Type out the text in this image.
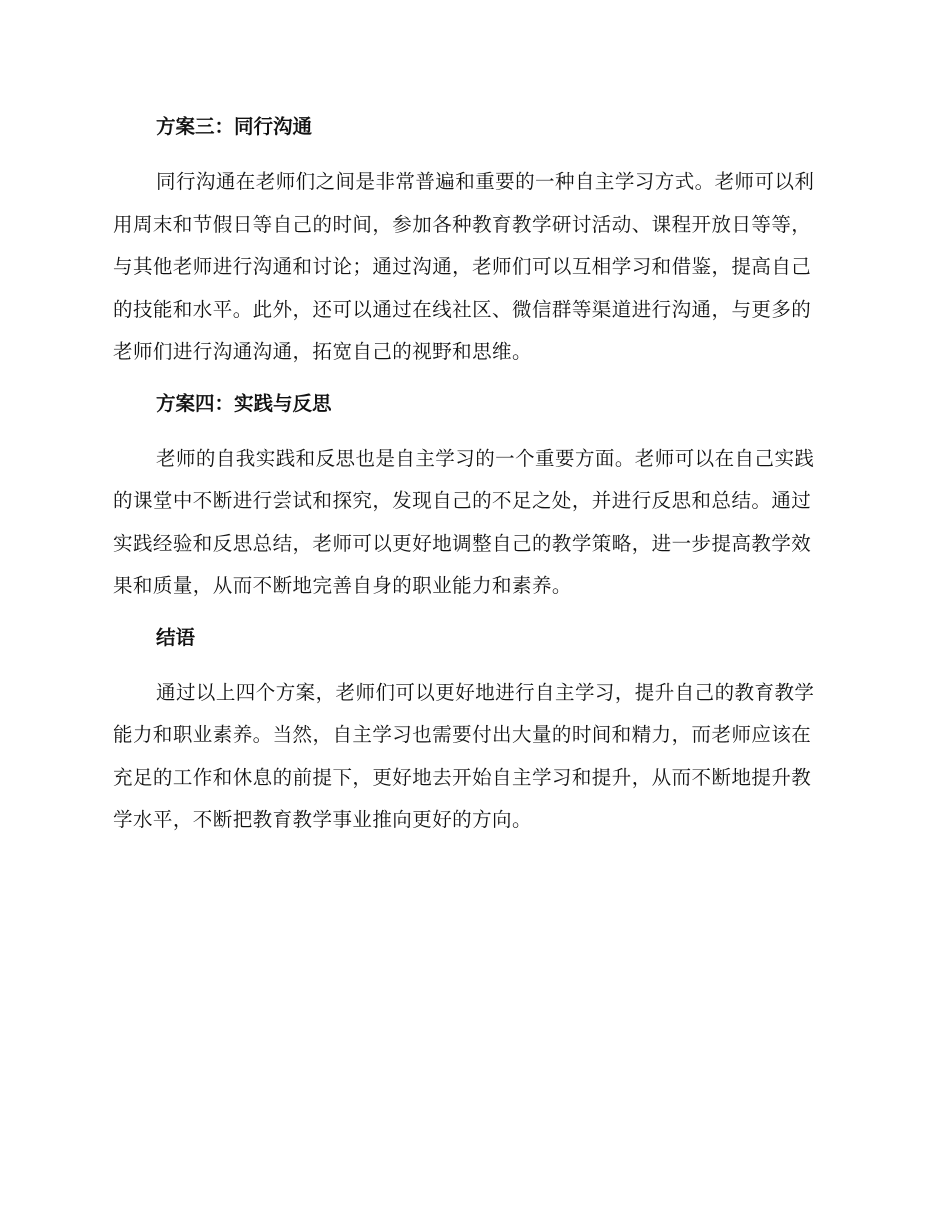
方案三：同行沟通

同行沟通在老师们之间是非常普遍和重要的一种自主学习方式。老师可以利用周末和节假日等自己的时间，参加各种教育教学研讨活动、课程开放日等等，与其他老师进行沟通和讨论；通过沟通，老师们可以互相学习和借鉴，提高自己的技能和水平。此外，还可以通过在线社区、微信群等渠道进行沟通，与更多的老师们进行沟通沟通，拓宽自己的视野和思维。

方案四：实践与反思

老师的自我实践和反思也是自主学习的一个重要方面。老师可以在自己实践的课堂中不断进行尝试和探究，发现自己的不足之处，并进行反思和总结。通过实践经验和反思总结，老师可以更好地调整自己的教学策略，进一步提高教学效果和质量，从而不断地完善自身的职业能力和素养。

结语

通过以上四个方案，老师们可以更好地进行自主学习，提升自己的教育教学能力和职业素养。当然，自主学习也需要付出大量的时间和精力，而老师应该在充足的工作和休息的前提下，更好地去开始自主学习和提升，从而不断地提升教学水平，不断把教育教学事业推向更好的方向。
